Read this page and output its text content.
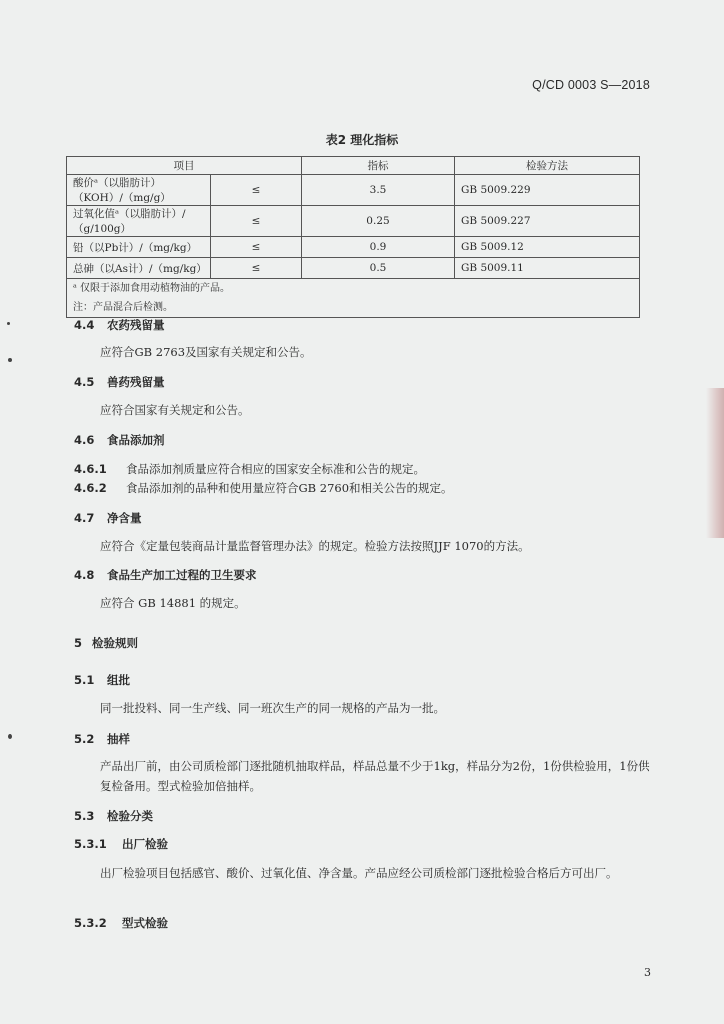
Q/CD 0003 S—2018
表2 理化指标
项目		指标	检验方法
酸价ᵃ（以脂肪计）（KOH）/（mg/g）	≤	3.5	GB 5009.229
过氧化值ᵃ（以脂肪计）/（g/100g）	≤	0.25	GB 5009.227
铅（以Pb计）/（mg/kg）	≤	0.9	GB 5009.12
总砷（以As计）/（mg/kg）	≤	0.5	GB 5009.11

ᵃ 仅限于添加食用动植物油的产品。
注：产品混合后检测。			
4.4 农药残留量
应符合GB 2763及国家有关规定和公告。
4.5 兽药残留量
应符合国家有关规定和公告。
4.6 食品添加剂
4.6.1 食品添加剂质量应符合相应的国家安全标准和公告的规定。
4.6.2 食品添加剂的品种和使用量应符合GB 2760和相关公告的规定。
4.7 净含量
应符合《定量包装商品计量监督管理办法》的规定。检验方法按照JJF 1070的方法。
4.8 食品生产加工过程的卫生要求
应符合 GB 14881 的规定。
5 检验规则
5.1 组批
同一批投料、同一生产线、同一班次生产的同一规格的产品为一批。
5.2 抽样
产品出厂前，由公司质检部门逐批随机抽取样品，样品总量不少于1kg，样品分为2份，1份供检验用，1份供复检备用。型式检验加倍抽样。
5.3 检验分类
5.3.1 出厂检验
出厂检验项目包括感官、酸价、过氧化值、净含量。产品应经公司质检部门逐批检验合格后方可出厂。
5.3.2 型式检验
3
